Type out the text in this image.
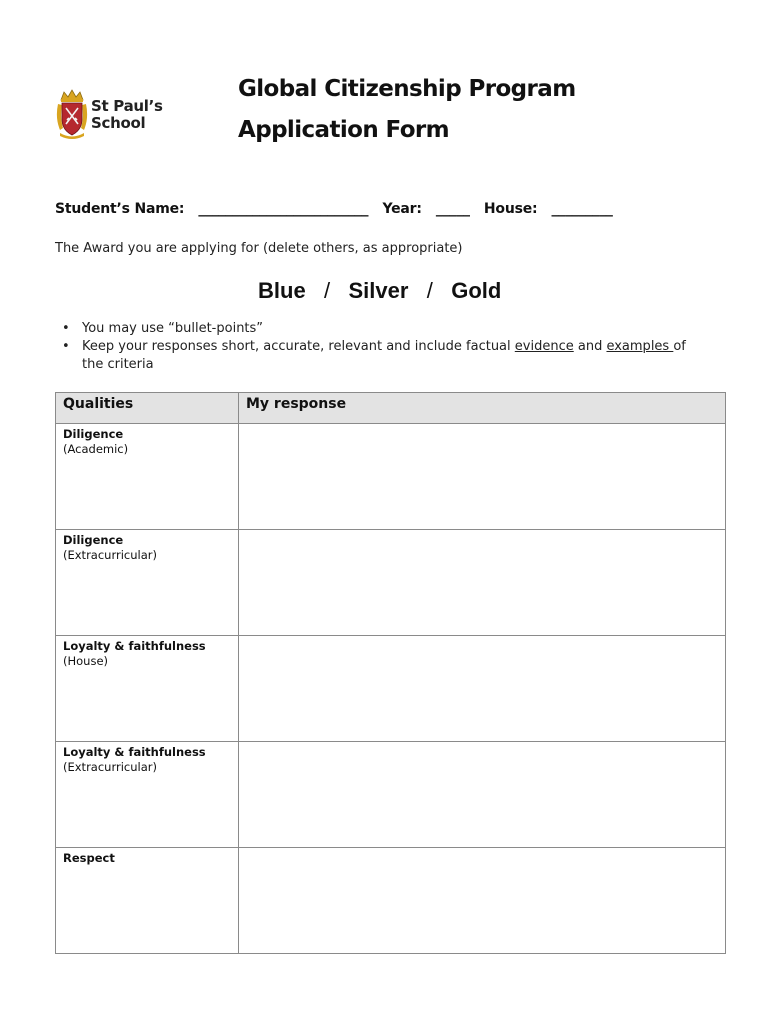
St Paul’s
School
Global Citizenship Program
Application Form
Student’s Name: _________________________ Year: _____ House: _________
The Award you are applying for (delete others, as appropriate)
Blue / Silver / Gold
• You may use “bullet-points”
• Keep your responses short, accurate, relevant and include factual evidence and examples of the criteria
Qualities	My response

Diligence
(Academic)	

Diligence
(Extracurricular)	

Loyalty & faithfulness
(House)	

Loyalty & faithfulness
(Extracurricular)	

Respect	
